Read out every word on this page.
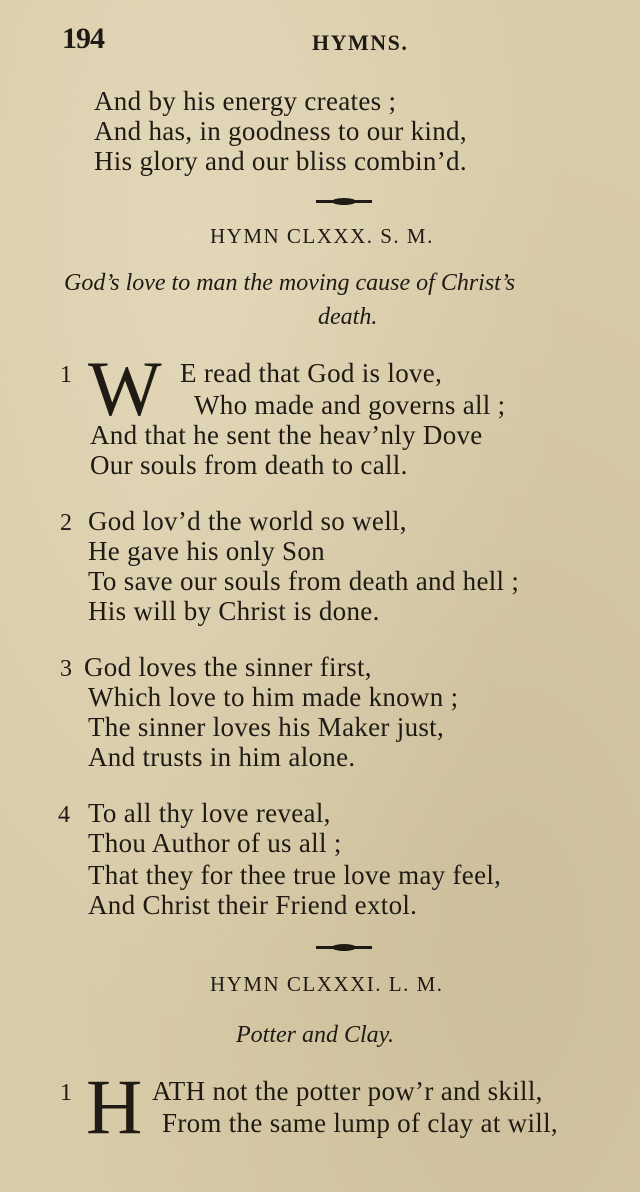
194	HYMNS.
And by his energy creates ;
And has, in goodness to our kind,
His glory and our bliss combin’d.
HYMN CLXXX. S. M.
God’s love to man the moving cause of Christ’s
death.
1 W E read that God is love,
Who made and governs all ;
And that he sent the heav’nly Dove
Our souls from death to call.
2 God lov’d the world so well,
He gave his only Son
To save our souls from death and hell ;
His will by Christ is done.
3 God loves the sinner first,
Which love to him made known ;
The sinner loves his Maker just,
And trusts in him alone.
4 To all thy love reveal,
Thou Author of us all ;
That they for thee true love may feel,
And Christ their Friend extol.
HYMN CLXXXI. L. M.
Potter and Clay.
1 H ATH not the potter pow’r and skill,
From the same lump of clay at will,
